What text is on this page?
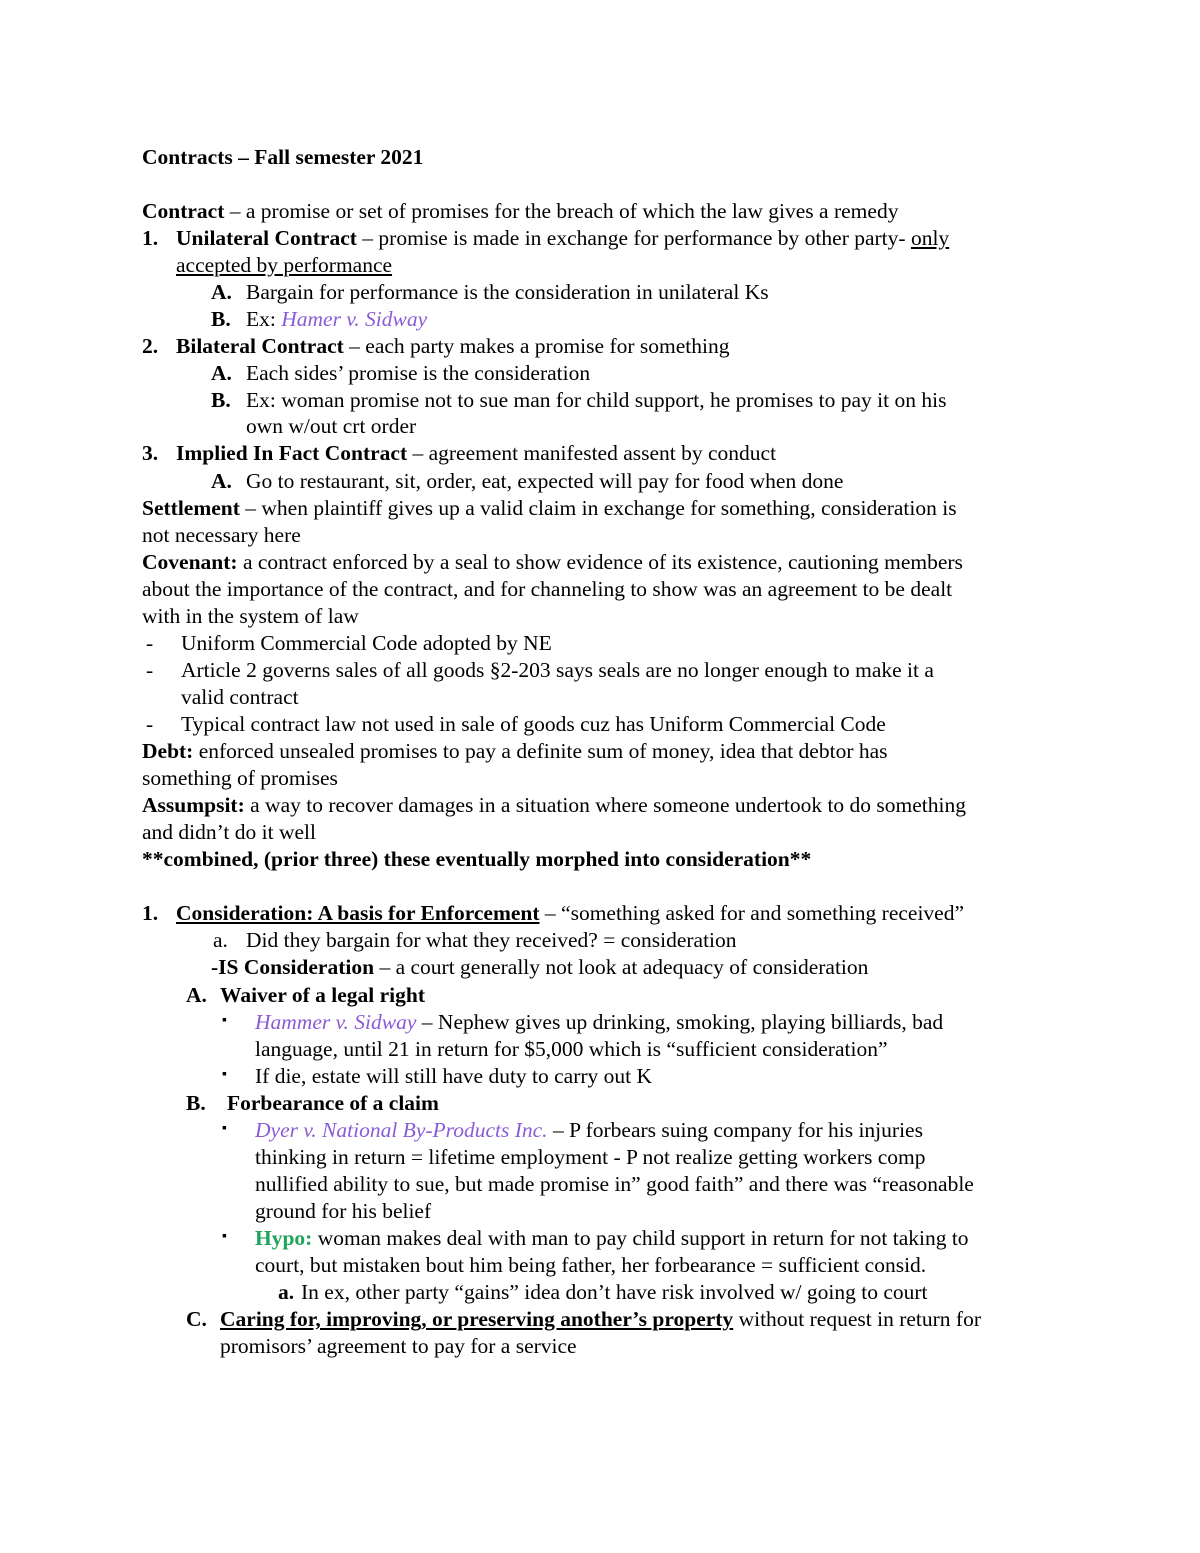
Contracts – Fall semester 2021
Contract – a promise or set of promises for the breach of which the law gives a remedy
1. Unilateral Contract – promise is made in exchange for performance by other party- only
accepted by performance
A. Bargain for performance is the consideration in unilateral Ks
B. Ex: Hamer v. Sidway
2. Bilateral Contract – each party makes a promise for something
A. Each sides’ promise is the consideration
B. Ex: woman promise not to sue man for child support, he promises to pay it on his
own w/out crt order
3. Implied In Fact Contract – agreement manifested assent by conduct
A. Go to restaurant, sit, order, eat, expected will pay for food when done
Settlement – when plaintiff gives up a valid claim in exchange for something, consideration is
not necessary here
Covenant: a contract enforced by a seal to show evidence of its existence, cautioning members
about the importance of the contract, and for channeling to show was an agreement to be dealt
with in the system of law
- Uniform Commercial Code adopted by NE
- Article 2 governs sales of all goods §2-203 says seals are no longer enough to make it a
valid contract
- Typical contract law not used in sale of goods cuz has Uniform Commercial Code
Debt: enforced unsealed promises to pay a definite sum of money, idea that debtor has
something of promises
Assumpsit: a way to recover damages in a situation where someone undertook to do something
and didn’t do it well
**combined, (prior three) these eventually morphed into consideration**
1. Consideration: A basis for Enforcement – “something asked for and something received”
a. Did they bargain for what they received? = consideration
-IS Consideration – a court generally not look at adequacy of consideration
A. Waiver of a legal right
▪ Hammer v. Sidway – Nephew gives up drinking, smoking, playing billiards, bad
language, until 21 in return for $5,000 which is “sufficient consideration”
▪ If die, estate will still have duty to carry out K
B. Forbearance of a claim
▪ Dyer v. National By-Products Inc. – P forbears suing company for his injuries
thinking in return = lifetime employment - P not realize getting workers comp
nullified ability to sue, but made promise in” good faith” and there was “reasonable
ground for his belief
▪ Hypo: woman makes deal with man to pay child support in return for not taking to
court, but mistaken bout him being father, her forbearance = sufficient consid.
a. In ex, other party “gains” idea don’t have risk involved w/ going to court
C. Caring for, improving, or preserving another’s property without request in return for
promisors’ agreement to pay for a service
